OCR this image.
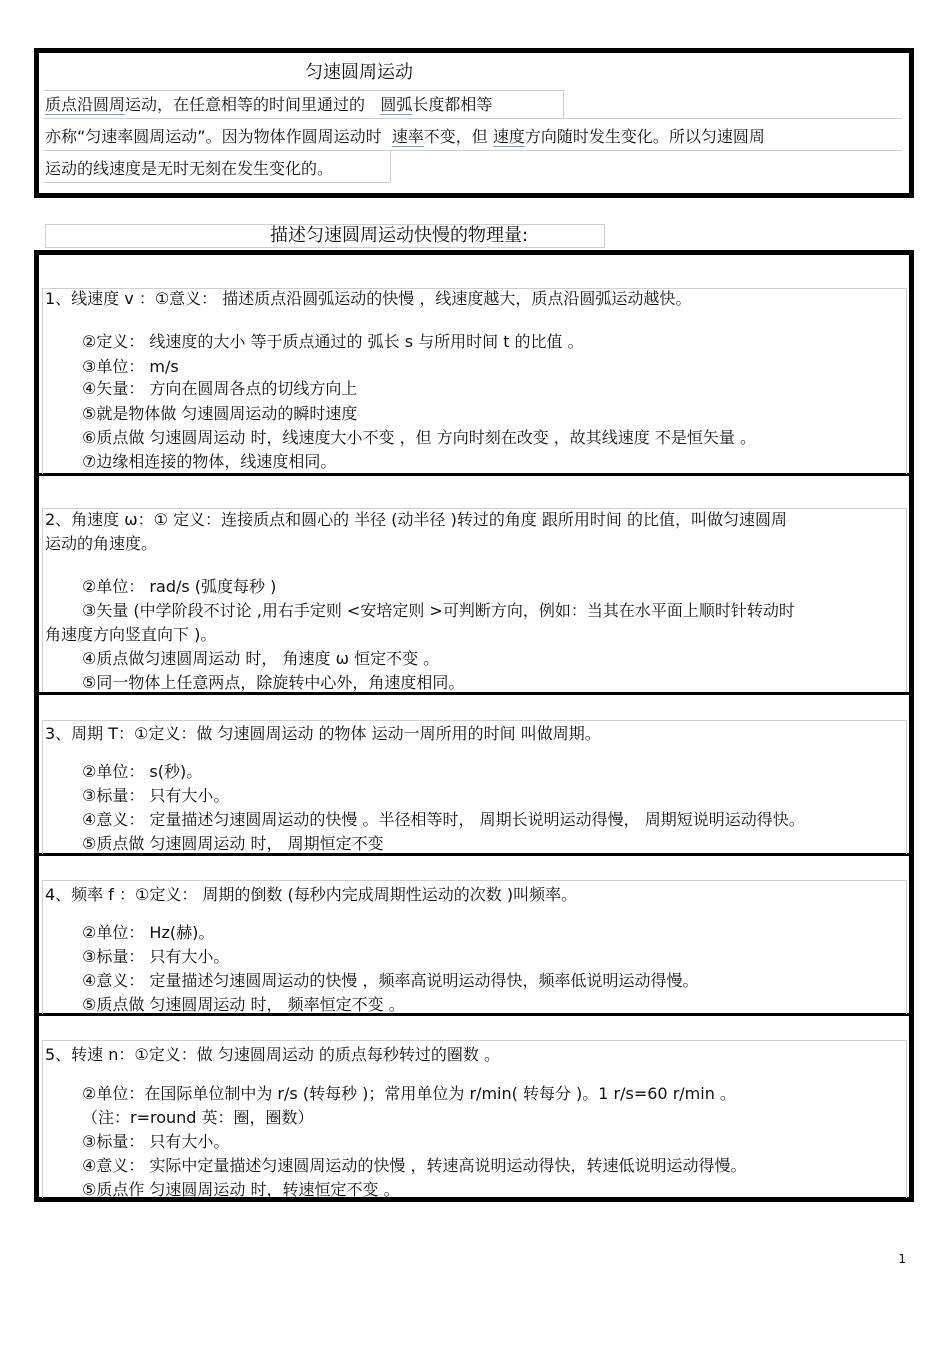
匀速圆周运动
质点沿圆周运动，在任意相等的时间里通过的 圆弧长度都相等
亦称“匀速率圆周运动”。因为物体作圆周运动时 速率不变，但 速度方向随时发生变化。所以匀速圆周
运动的线速度是无时无刻在发生变化的。
描述匀速圆周运动快慢的物理量:
1、线速度 v ：①意义： 描述质点沿圆弧运动的快慢 ，线速度越大，质点沿圆弧运动越快。
②定义： 线速度的大小 等于质点通过的 弧长 s 与所用时间 t 的比值 。
③单位： m/s
④矢量： 方向在圆周各点的切线方向上
⑤就是物体做 匀速圆周运动的瞬时速度
⑥质点做 匀速圆周运动 时，线速度大小不变 ，但 方向时刻在改变 ，故其线速度 不是恒矢量 。
⑦边缘相连接的物体，线速度相同。
2、角速度 ω：① 定义：连接质点和圆心的 半径 (动半径 )转过的角度 跟所用时间 的比值，叫做匀速圆周
运动的角速度。
②单位： rad/s (弧度每秒 )
③矢量 (中学阶段不讨论 ,用右手定则 <安培定则 >可判断方向，例如：当其在水平面上顺时针转动时
角速度方向竖直向下 )。
④质点做匀速圆周运动 时， 角速度 ω 恒定不变 。
⑤同一物体上任意两点，除旋转中心外，角速度相同。
3、周期 T：①定义：做 匀速圆周运动 的物体 运动一周所用的时间 叫做周期。
②单位： s(秒)。
③标量： 只有大小。
④意义： 定量描述匀速圆周运动的快慢 。半径相等时， 周期长说明运动得慢， 周期短说明运动得快。
⑤质点做 匀速圆周运动 时， 周期恒定不变
4、频率 f ：①定义： 周期的倒数 (每秒内完成周期性运动的次数 )叫频率。
②单位： Hz(赫)。
③标量： 只有大小。
④意义： 定量描述匀速圆周运动的快慢 ，频率高说明运动得快，频率低说明运动得慢。
⑤质点做 匀速圆周运动 时， 频率恒定不变 。
5、转速 n：①定义：做 匀速圆周运动 的质点每秒转过的圈数 。
②单位：在国际单位制中为 r/s (转每秒 )；常用单位为 r/min( 转每分 )。1 r/s=60 r/min 。
（注：r=round 英：圈，圈数）
③标量： 只有大小。
④意义： 实际中定量描述匀速圆周运动的快慢 ，转速高说明运动得快，转速低说明运动得慢。
⑤质点作 匀速圆周运动 时，转速恒定不变 。
1
